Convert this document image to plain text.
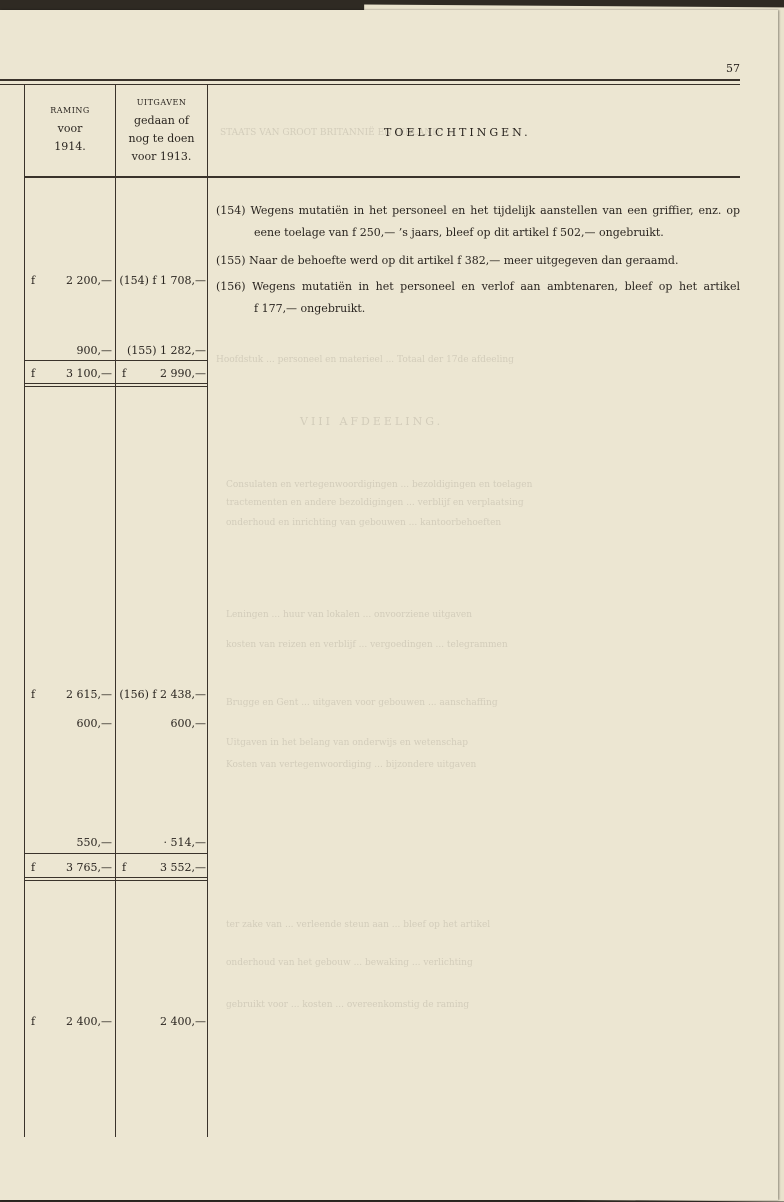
STAATS VAN GROOT BRITANNIË EN IERLAND
Hoofdstuk ... personeel en materieel ... Totaal der 17de afdeeling
VIII AFDEELING.
Consulaten en vertegenwoordigingen ... bezoldigingen en toelagen
tractementen en andere bezoldigingen ... verblijf en verplaatsing
onderhoud en inrichting van gebouwen ... kantoorbehoeften
Leningen ... huur van lokalen ... onvoorziene uitgaven
kosten van reizen en verblijf ... vergoedingen ... telegrammen
Brugge en Gent ... uitgaven voor gebouwen ... aanschaffing
Uitgaven in het belang van onderwijs en wetenschap
Kosten van vertegenwoordiging ... bijzondere uitgaven
ter zake van ... verleende steun aan ... bleef op het artikel
onderhoud van het gebouw ... bewaking ... verlichting
gebruikt voor ... kosten ... overeenkomstig de raming
57
RAMING
voor
1914.
UITGAVEN
gedaan of
nog te doen
voor 1913.
TOELICHTINGEN.
f	2 200,— (154) f 1 708,—
900,—	(155) 1 282,—
f	3 100,— f	2 990,—
f	2 615,— (156) f 2 438,—
600,—	600,—
550,—	· 514,—
f	3 765,— f	3 552,—
f	2 400,—	2 400,—
(154) Wegens mutatiën in het personeel en het tijdelijk aanstellen van een griffier, enz. op
eene toelage van f 250,— ’s jaars, bleef op dit artikel f 502,— ongebruikt.
(155) Naar de behoefte werd op dit artikel f 382,— meer uitgegeven dan geraamd.
(156) Wegens mutatiën in het personeel en verlof aan ambtenaren, bleef op het artikel
f 177,— ongebruikt.
